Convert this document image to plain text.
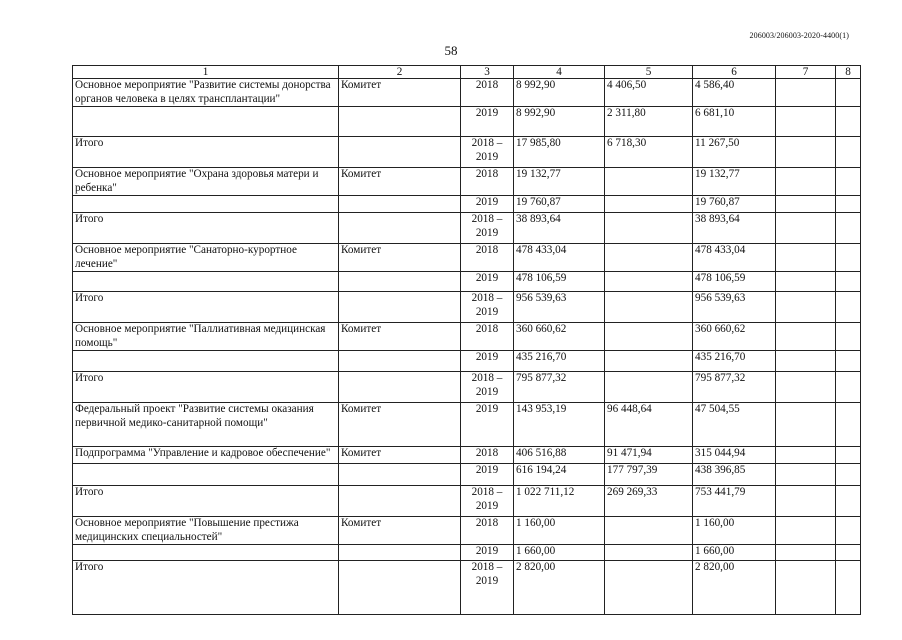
206003/206003-2020-4400(1)
58
1	2	3	4	5	6	7	8
Основное мероприятие "Развитие системы донорства органов человека в целях трансплантации"	Комитет	2018	8 992,90	4 406,50	4 586,40		
		2019	8 992,90	2 311,80	6 681,10		
Итого		2018 – 2019	17 985,80	6 718,30	11 267,50		
Основное мероприятие "Охрана здоровья матери и ребенка"	Комитет	2018	19 132,77		19 132,77		
		2019	19 760,87		19 760,87		
Итого		2018 – 2019	38 893,64		38 893,64		
Основное мероприятие "Санаторно-курортное лечение"	Комитет	2018	478 433,04		478 433,04		
		2019	478 106,59		478 106,59		
Итого		2018 – 2019	956 539,63		956 539,63		
Основное мероприятие "Паллиативная медицинская помощь"	Комитет	2018	360 660,62		360 660,62		
		2019	435 216,70		435 216,70		
Итого		2018 – 2019	795 877,32		795 877,32		
Федеральный проект "Развитие системы оказания первичной медико-санитарной помощи"	Комитет	2019	143 953,19	96 448,64	47 504,55		
Подпрограмма "Управление и кадровое обеспечение"	Комитет	2018	406 516,88	91 471,94	315 044,94		
		2019	616 194,24	177 797,39	438 396,85		
Итого		2018 – 2019	1 022 711,12	269 269,33	753 441,79		
Основное мероприятие "Повышение престижа медицинских специальностей"	Комитет	2018	1 160,00		1 160,00		
		2019	1 660,00		1 660,00		
Итого		2018 – 2019	2 820,00		2 820,00		
